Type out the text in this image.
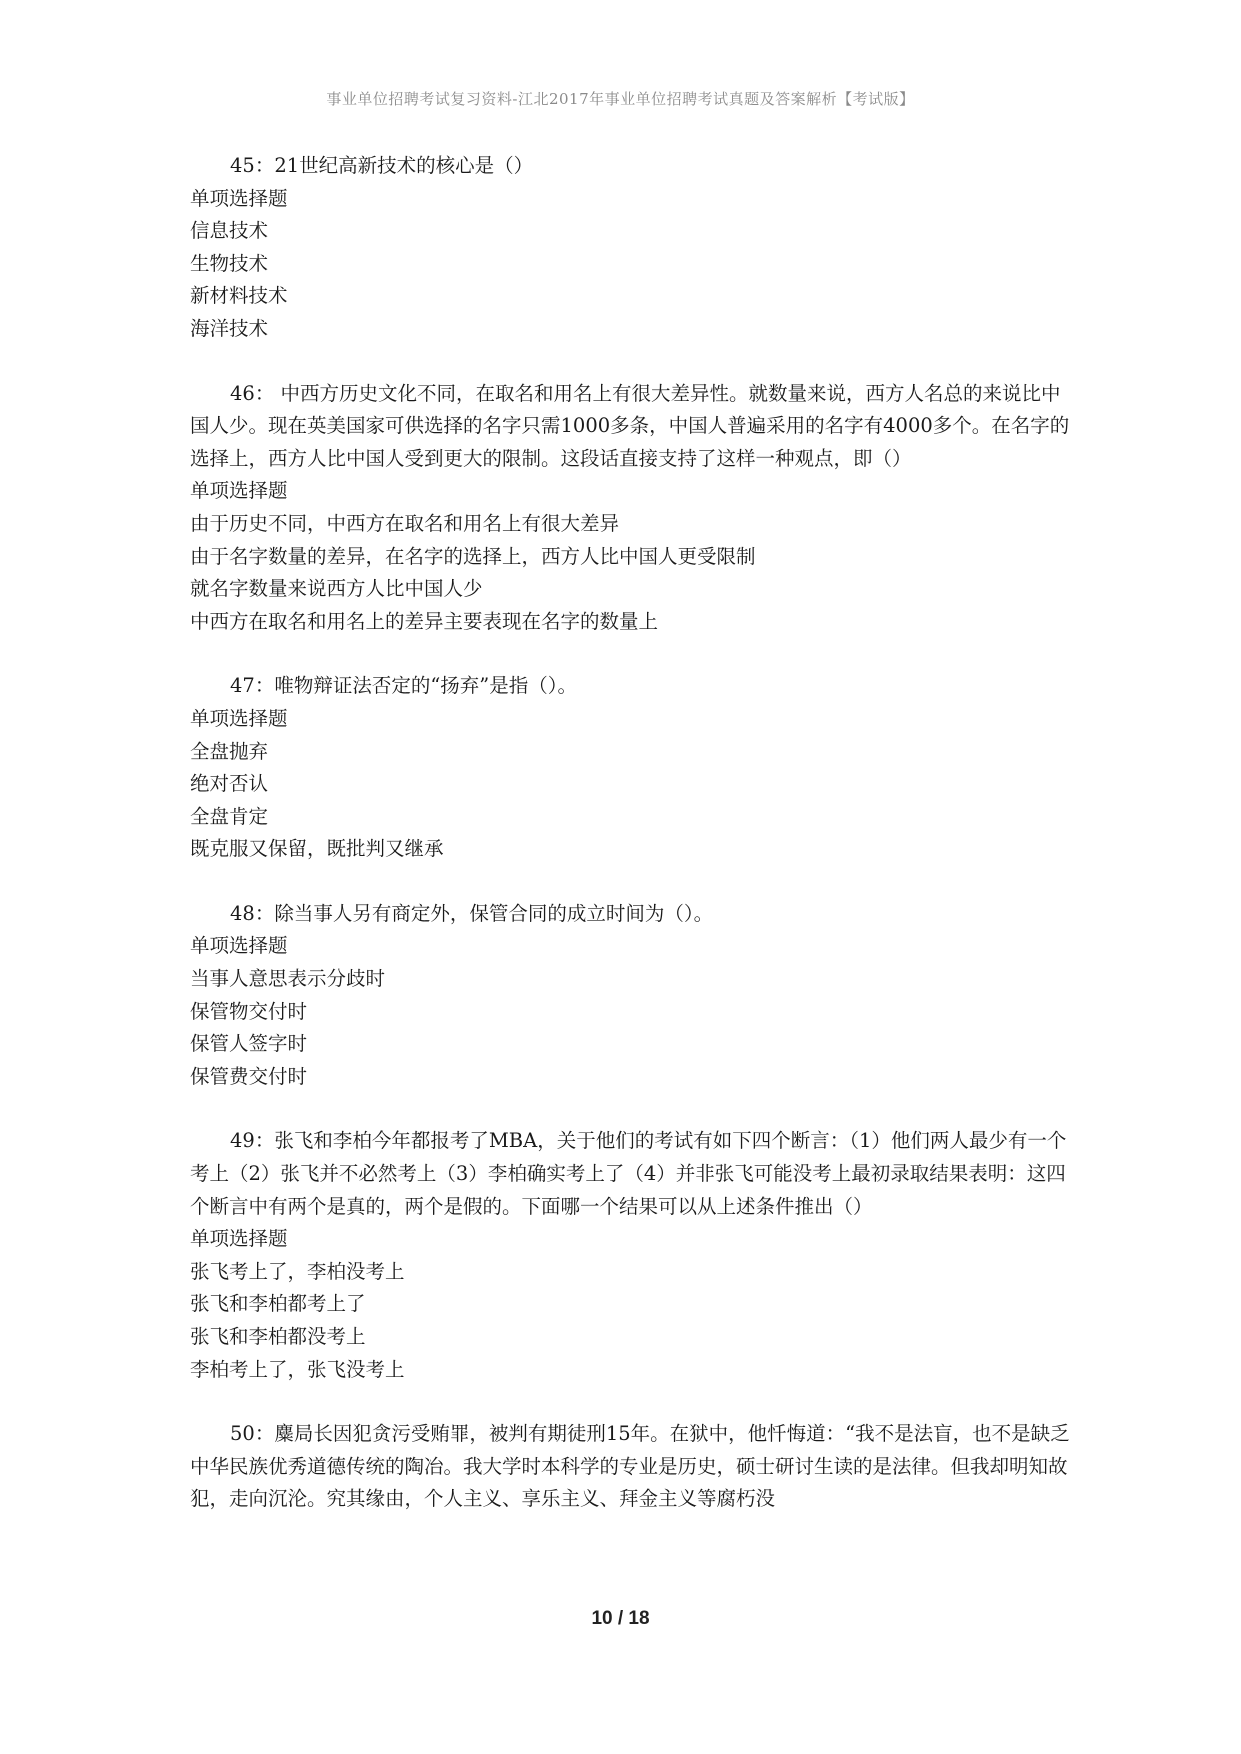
事业单位招聘考试复习资料-江北2017年事业单位招聘考试真题及答案解析【考试版】

45：21世纪高新技术的核心是（）

单项选择题

信息技术

生物技术

新材料技术

海洋技术

46： 中西方历史文化不同，在取名和用名上有很大差异性。就数量来说，西方人名总的来说比中国人少。现在英美国家可供选择的名字只需1000多条，中国人普遍采用的名字有4000多个。在名字的选择上，西方人比中国人受到更大的限制。这段话直接支持了这样一种观点，即（）

单项选择题

由于历史不同，中西方在取名和用名上有很大差异

由于名字数量的差异，在名字的选择上，西方人比中国人更受限制

就名字数量来说西方人比中国人少

中西方在取名和用名上的差异主要表现在名字的数量上

47：唯物辩证法否定的“扬弃”是指（）。

单项选择题

全盘抛弃

绝对否认

全盘肯定

既克服又保留，既批判又继承

48：除当事人另有商定外，保管合同的成立时间为（）。

单项选择题

当事人意思表示分歧时

保管物交付时

保管人签字时

保管费交付时

49：张飞和李柏今年都报考了MBA，关于他们的考试有如下四个断言：（1）他们两人最少有一个考上（2）张飞并不必然考上（3）李柏确实考上了（4）并非张飞可能没考上最初录取结果表明：这四个断言中有两个是真的，两个是假的。下面哪一个结果可以从上述条件推出（）

单项选择题

张飞考上了，李柏没考上

张飞和李柏都考上了

张飞和李柏都没考上

李柏考上了，张飞没考上

50：麋局长因犯贪污受贿罪，被判有期徒刑15年。在狱中，他忏悔道：“我不是法盲，也不是缺乏中华民族优秀道德传统的陶冶。我大学时本科学的专业是历史，硕士研讨生读的是法律。但我却明知故犯，走向沉沦。究其缘由，个人主义、享乐主义、拜金主义等腐朽没

10 / 18
